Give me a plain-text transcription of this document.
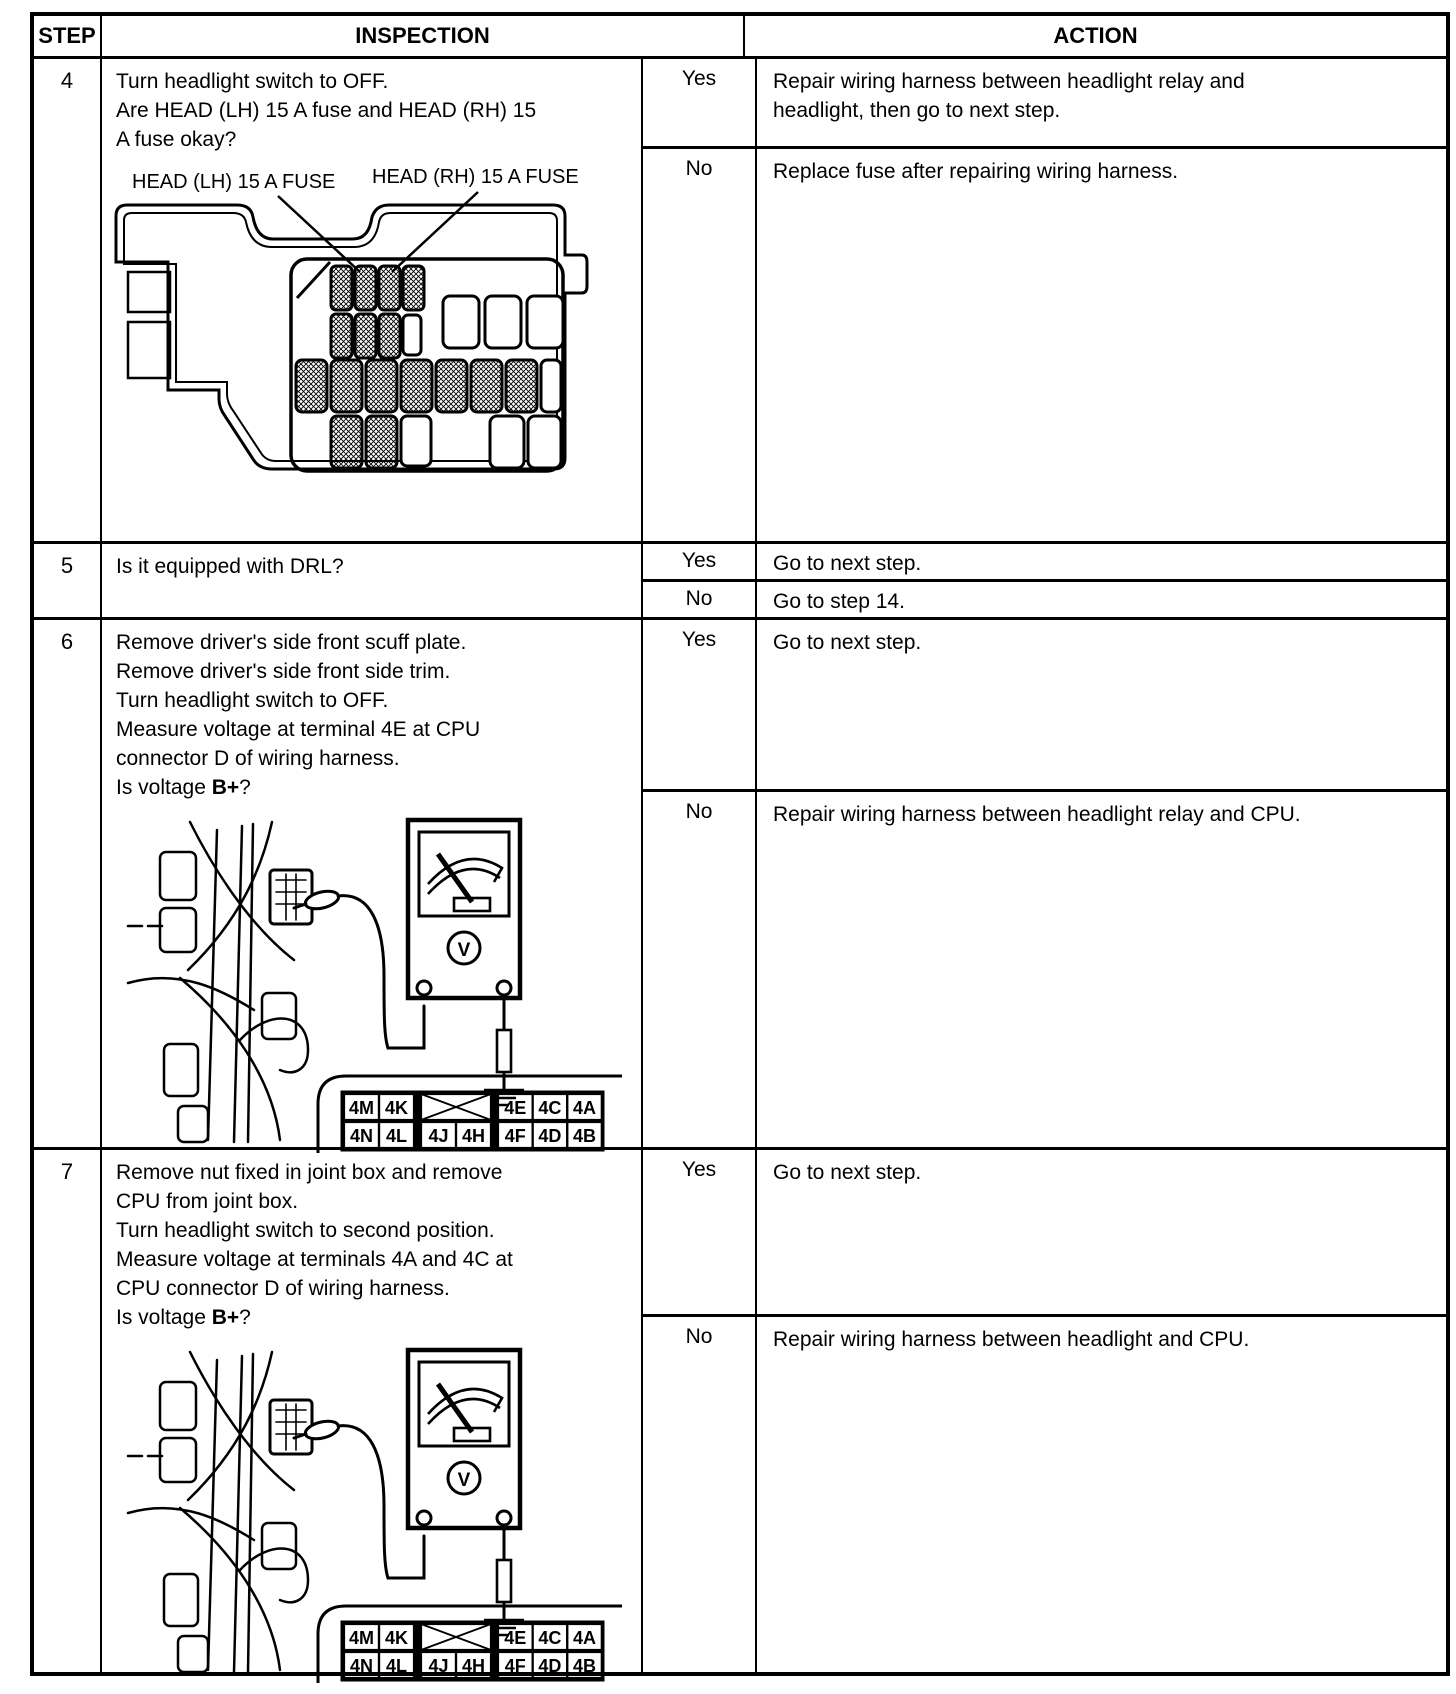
STEP	INSPECTION	ACTION
4	Turn headlight switch to OFF.
Are HEAD (LH) 15 A fuse and HEAD (RH) 15
A fuse okay?
HEAD (LH) 15 A FUSE HEAD (RH) 15 A FUSE
Yes	Repair wiring harness between headlight relay and
headlight, then go to next step.
No	Replace fuse after repairing wiring harness.
5	Is it equipped with DRL?	Yes	Go to next step.
No	Go to step 14.
6	Remove driver's side front scuff plate.
Remove driver's side front side trim.
Turn headlight switch to OFF.
Measure voltage at terminal 4E at CPU
connector D of wiring harness.
Is voltage B+?
V
4M 4K	4E 4C 4A
4N 4L 4J 4H 4F 4D 4B
Yes	Go to next step.
No	Repair wiring harness between headlight relay and CPU.
7	Remove nut fixed in joint box and remove
CPU from joint box.
Turn headlight switch to second position.
Measure voltage at terminals 4A and 4C at
CPU connector D of wiring harness.
Is voltage B+?
V
4M 4K	4E 4C 4A
4N 4L 4J 4H 4F 4D 4B
Yes	Go to next step.
No	Repair wiring harness between headlight and CPU.
